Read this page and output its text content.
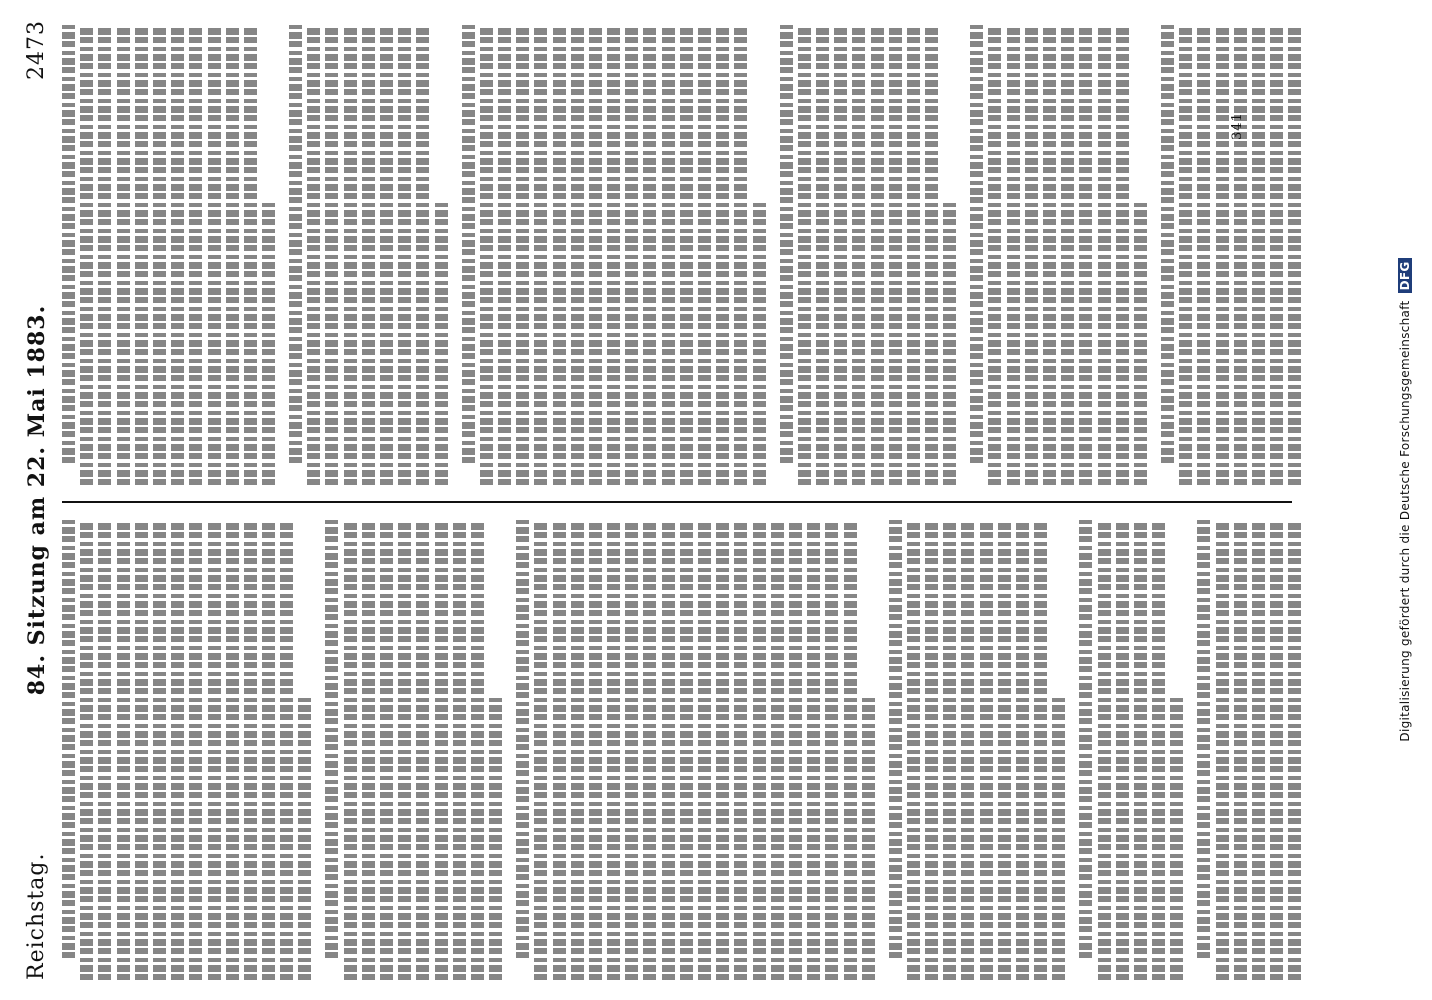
Reichstag.
84. Sitzung am 22. Mai 1883.
2473
341
Digitalisierung gefördert durch die Deutsche Forschungsgemeinschaft DFG
